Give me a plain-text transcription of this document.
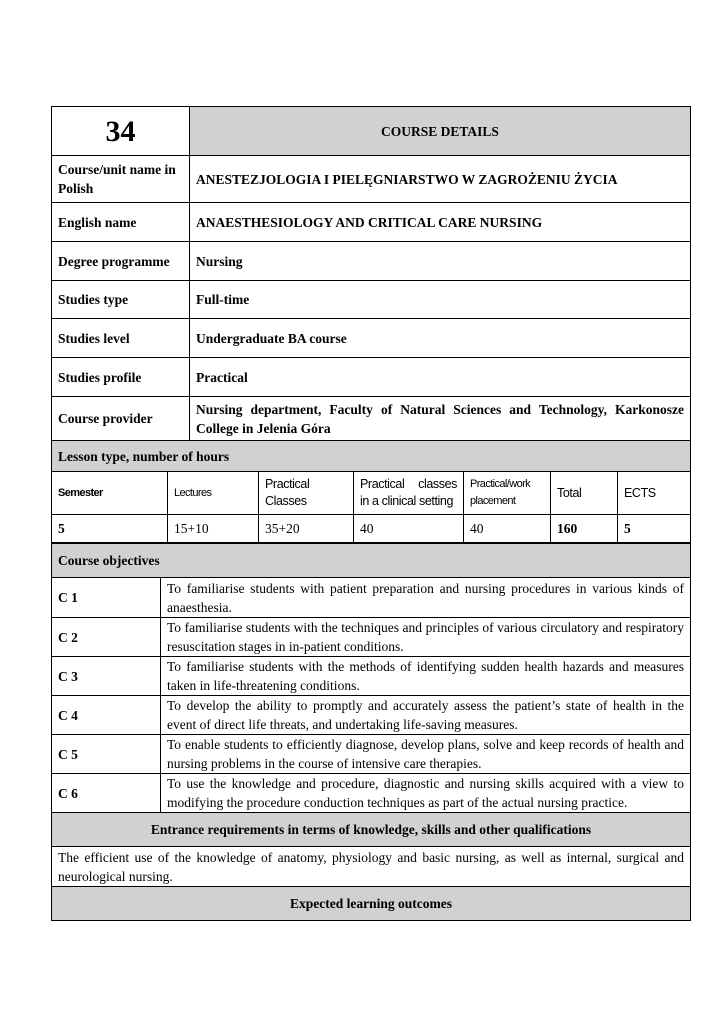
34	COURSE DETAILS
Course/unit name in Polish	ANESTEZJOLOGIA I PIELĘGNIARSTWO W ZAGROŻENIU ŻYCIA
English name	ANAESTHESIOLOGY AND CRITICAL CARE NURSING
Degree programme	Nursing
Studies type	Full-time
Studies level	Undergraduate BA course
Studies profile	Practical
Course provider	Nursing department, Faculty of Natural Sciences and Technology, Karkonosze College in Jelenia Góra
Lesson type, number of hours						
Semester	Lectures	Practical Classes	Practical classes in a clinical setting	Practical/work placement	Total	ECTS
5	15+10	35+20	40	40	160	5
Course objectives	
C 1	To familiarise students with patient preparation and nursing procedures in various kinds of anaesthesia.
C 2	To familiarise students with the techniques and principles of various circulatory and respiratory resuscitation stages in in-patient conditions.
C 3	To familiarise students with the methods of identifying sudden health hazards and measures taken in life-threatening conditions.
C 4	To develop the ability to promptly and accurately assess the patient’s state of health in the event of direct life threats, and undertaking life-saving measures.
C 5	To enable students to efficiently diagnose, develop plans, solve and keep records of health and nursing problems in the course of intensive care therapies.
C 6	To use the knowledge and procedure, diagnostic and nursing skills acquired with a view to modifying the procedure conduction techniques as part of the actual nursing practice.
Entrance requirements in terms of knowledge, skills and other qualifications	
The efficient use of the knowledge of anatomy, physiology and basic nursing, as well as internal, surgical and neurological nursing.	
Expected learning outcomes	
